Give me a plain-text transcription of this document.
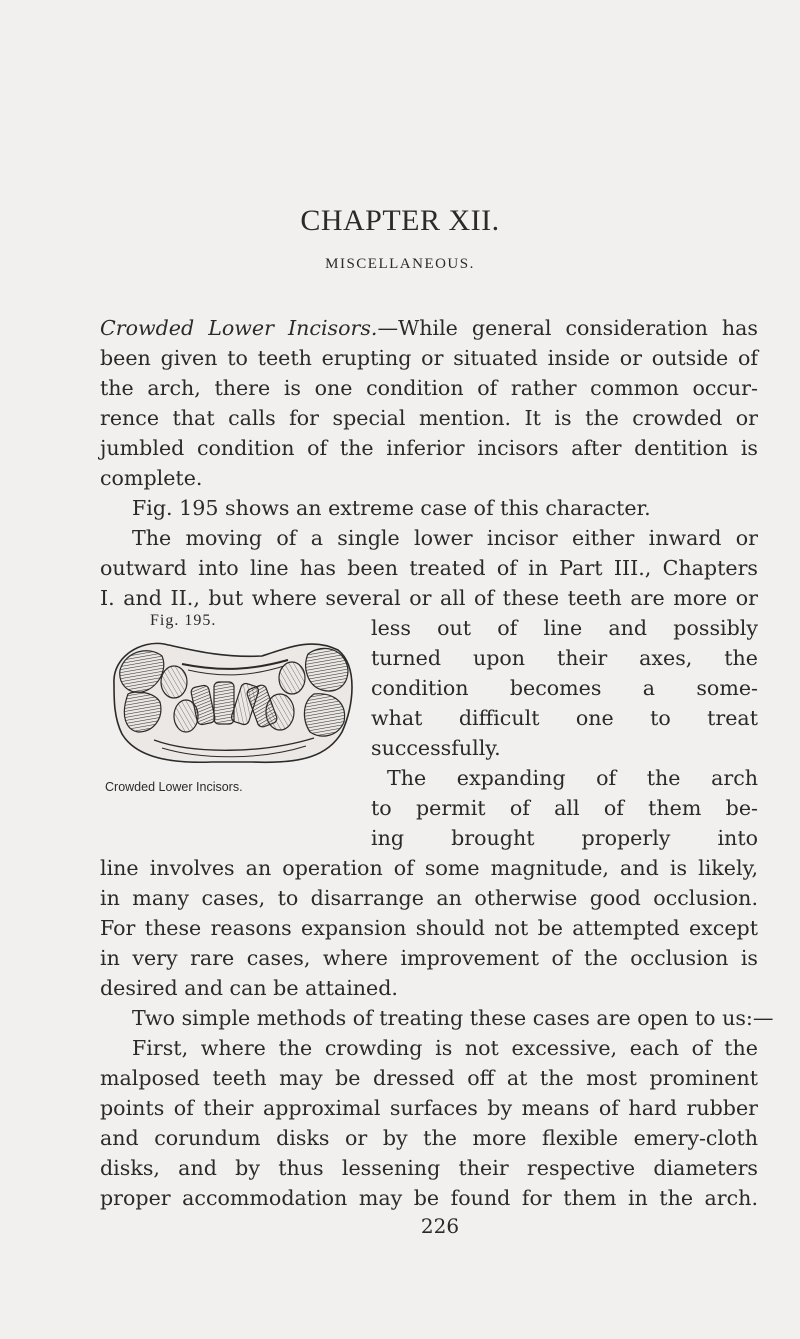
CHAPTER XII.
MISCELLANEOUS.
Crowded Lower Incisors.—While general consideration has
been given to teeth erupting or situated inside or outside of
the arch, there is one condition of rather common occur-
rence that calls for special mention. It is the crowded or
jumbled condition of the inferior incisors after dentition is
complete.
Fig. 195 shows an extreme case of this character.
The moving of a single lower incisor either inward or
outward into line has been treated of in Part III., Chapters
I. and II., but where several or all of these teeth are more or
Fig. 195.
Crowded Lower Incisors.
less out of line and possibly
turned upon their axes, the
condition becomes a some-
what difficult one to treat
successfully.
The expanding of the arch
to permit of all of them be-
ing brought properly into
line involves an operation of some magnitude, and is likely,
in many cases, to disarrange an otherwise good occlusion.
For these reasons expansion should not be attempted except
in very rare cases, where improvement of the occlusion is
desired and can be attained.
Two simple methods of treating these cases are open to us:—
First, where the crowding is not excessive, each of the
malposed teeth may be dressed off at the most prominent
points of their approximal surfaces by means of hard rubber
and corundum disks or by the more flexible emery-cloth
disks, and by thus lessening their respective diameters
proper accommodation may be found for them in the arch.
226
